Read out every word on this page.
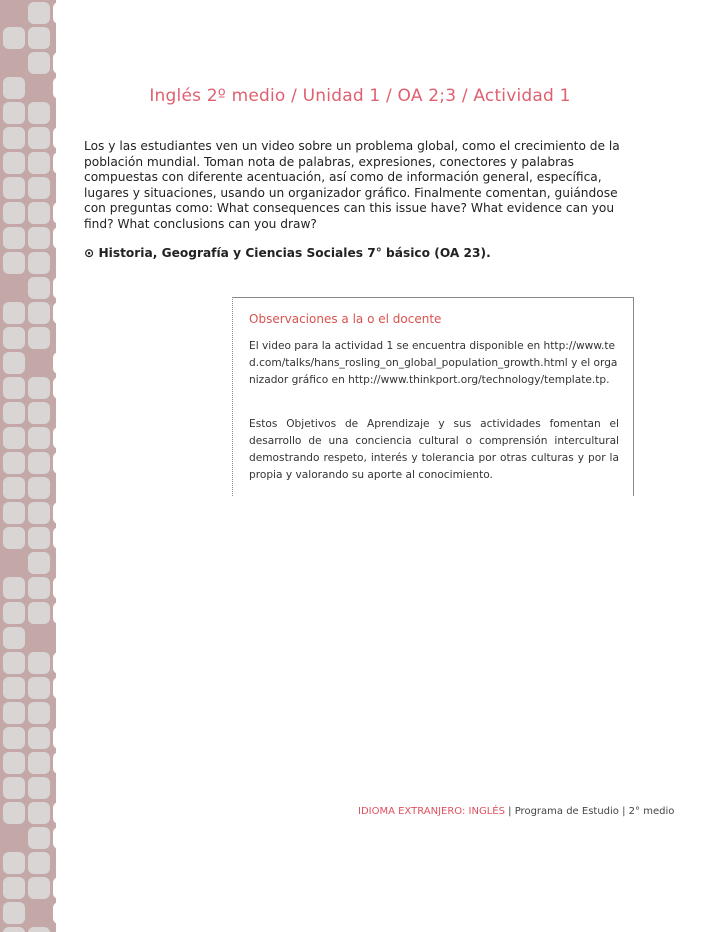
Inglés 2º medio / Unidad 1 / OA 2;3 / Actividad 1
Los y las estudiantes ven un video sobre un problema global, como el crecimiento de la población mundial. Toman nota de palabras, expresiones, conectores y palabras compuestas con diferente acentuación, así como de información general, específica, lugares y situaciones, usando un organizador gráfico. Finalmente comentan, guiándose con preguntas como: What consequences can this issue have? What evidence can you find? What conclusions can you draw?
⊙ Historia, Geografía y Ciencias Sociales 7° básico (OA 23).
Observaciones a la o el docente
El video para la actividad 1 se encuentra disponible en http://www.ted.com/talks/hans_rosling_on_global_population_growth.html y el organizador gráfico en http://www.thinkport.org/technology/template.tp.
Estos Objetivos de Aprendizaje y sus actividades fomentan el desarrollo de una conciencia cultural o comprensión intercultural demostrando respeto, interés y tolerancia por otras culturas y por la propia y valorando su aporte al conocimiento.
IDIOMA EXTRANJERO: INGLÉS | Programa de Estudio | 2° medio
